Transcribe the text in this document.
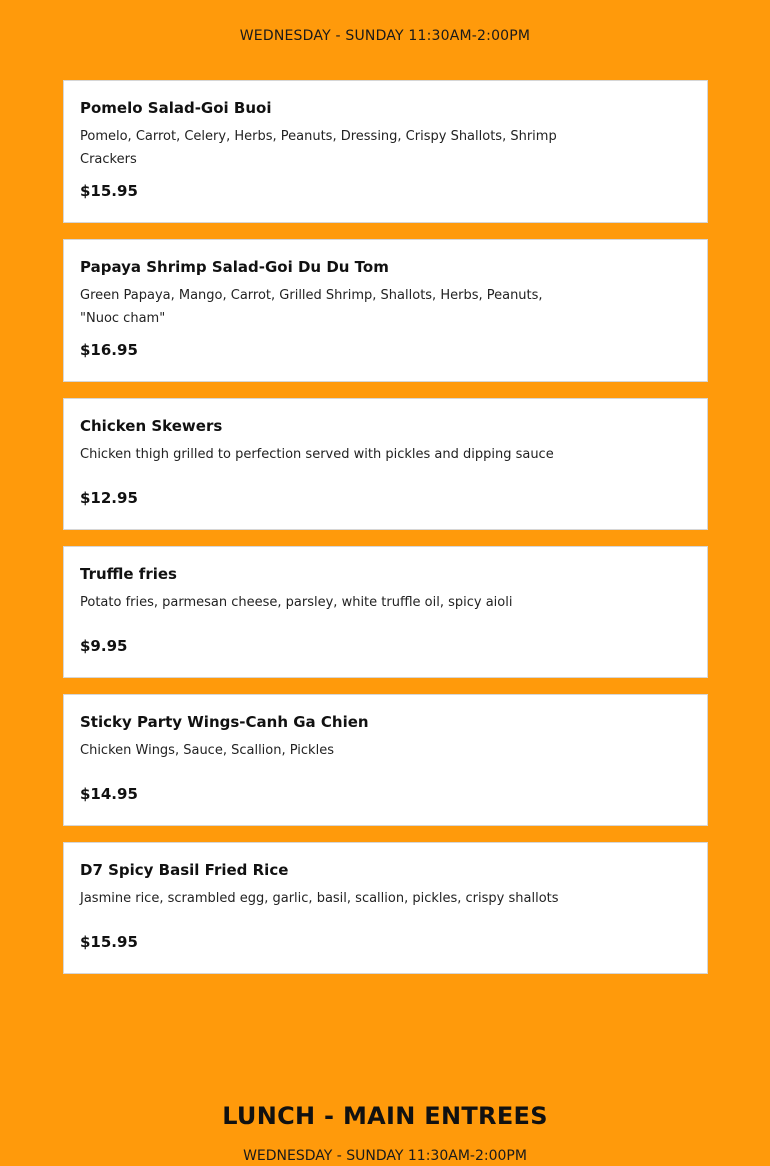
WEDNESDAY - SUNDAY 11:30AM-2:00PM
Pomelo Salad-Goi Buoi
Pomelo, Carrot, Celery, Herbs, Peanuts, Dressing, Crispy Shallots, Shrimp Crackers
$15.95
Papaya Shrimp Salad-Goi Du Du Tom
Green Papaya, Mango, Carrot, Grilled Shrimp, Shallots, Herbs, Peanuts, "Nuoc cham"
$16.95
Chicken Skewers
Chicken thigh grilled to perfection served with pickles and dipping sauce
$12.95
Truffle fries
Potato fries, parmesan cheese, parsley, white truffle oil, spicy aioli
$9.95
Sticky Party Wings-Canh Ga Chien
Chicken Wings, Sauce, Scallion, Pickles
$14.95
D7 Spicy Basil Fried Rice
Jasmine rice, scrambled egg, garlic, basil, scallion, pickles, crispy shallots
$15.95
LUNCH - MAIN ENTREES
WEDNESDAY - SUNDAY 11:30AM-2:00PM
